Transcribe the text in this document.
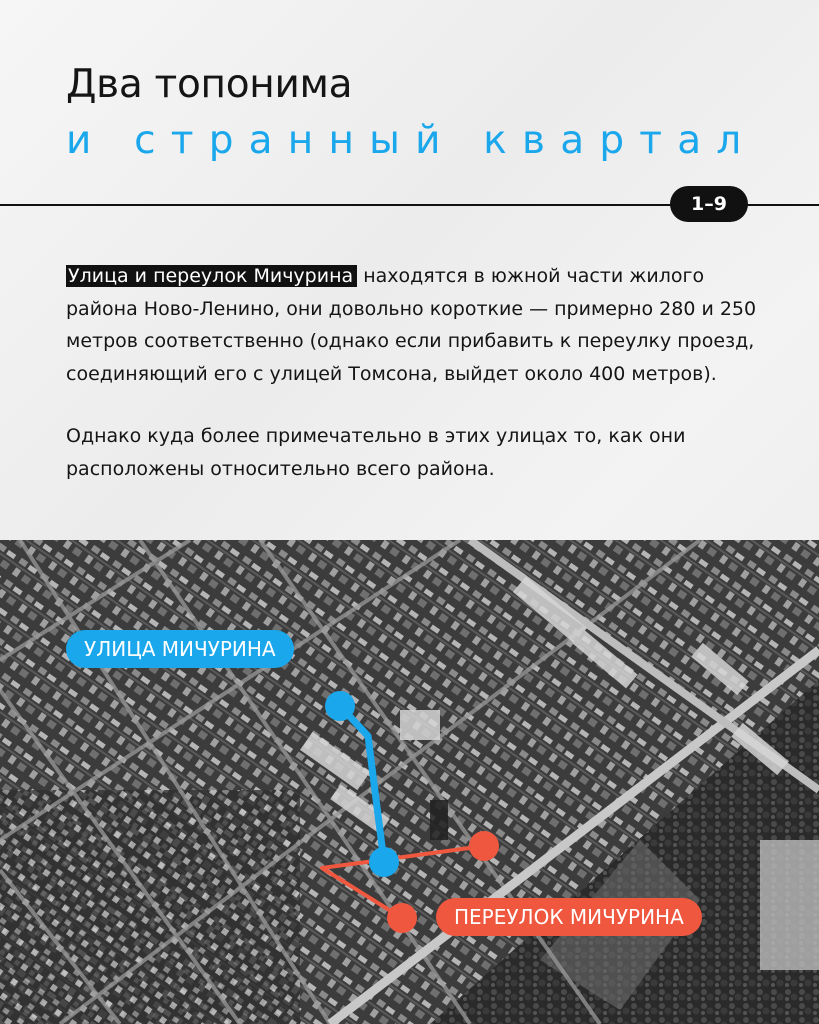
Два топонима
и странный квартал
1–9

Улица и переулок Мичурина находятся в южной части жилого района Ново-Ленино, они довольно короткие — примерно 280 и 250 метров соответственно (однако если прибавить к переулку проезд, соединяющий его с улицей Томсона, выйдет около 400 метров).

Однако куда более примечательно в этих улицах то, как они расположены относительно всего района.

УЛИЦА МИЧУРИНА
ПЕРЕУЛОК МИЧУРИНА
